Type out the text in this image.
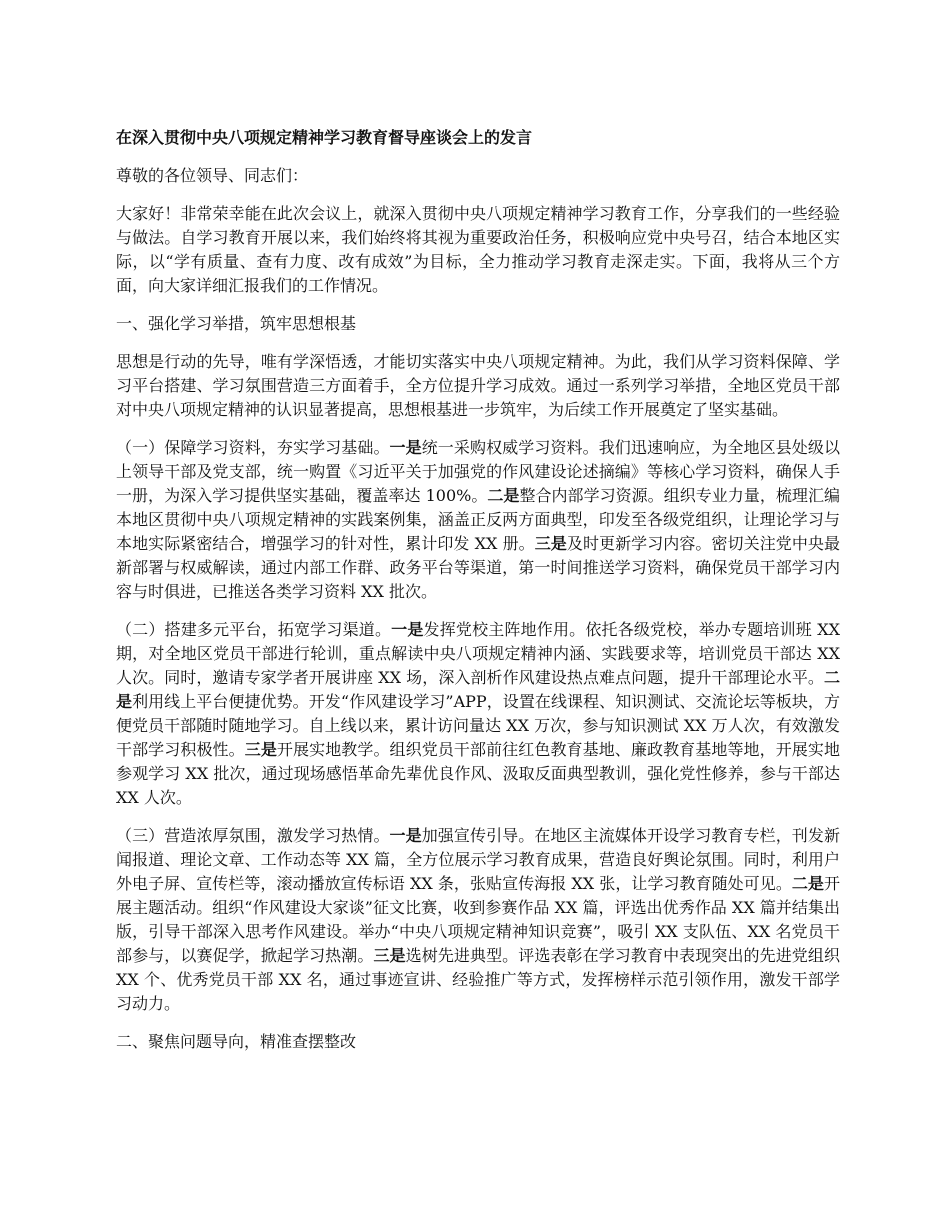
在深入贯彻中央八项规定精神学习教育督导座谈会上的发言

尊敬的各位领导、同志们：

大家好！非常荣幸能在此次会议上，就深入贯彻中央八项规定精神学习教育工作，分享我们的一些经验与做法。自学习教育开展以来，我们始终将其视为重要政治任务，积极响应党中央号召，结合本地区实际，以“学有质量、查有力度、改有成效”为目标，全力推动学习教育走深走实。下面，我将从三个方面，向大家详细汇报我们的工作情况。

一、强化学习举措，筑牢思想根基

思想是行动的先导，唯有学深悟透，才能切实落实中央八项规定精神。为此，我们从学习资料保障、学习平台搭建、学习氛围营造三方面着手，全方位提升学习成效。通过一系列学习举措，全地区党员干部对中央八项规定精神的认识显著提高，思想根基进一步筑牢，为后续工作开展奠定了坚实基础。

（一）保障学习资料，夯实学习基础。一是统一采购权威学习资料。我们迅速响应，为全地区县处级以上领导干部及党支部，统一购置《习近平关于加强党的作风建设论述摘编》等核心学习资料，确保人手一册，为深入学习提供坚实基础，覆盖率达 100%。二是整合内部学习资源。组织专业力量，梳理汇编本地区贯彻中央八项规定精神的实践案例集，涵盖正反两方面典型，印发至各级党组织，让理论学习与本地实际紧密结合，增强学习的针对性，累计印发 XX 册。三是及时更新学习内容。密切关注党中央最新部署与权威解读，通过内部工作群、政务平台等渠道，第一时间推送学习资料，确保党员干部学习内容与时俱进，已推送各类学习资料 XX 批次。

（二）搭建多元平台，拓宽学习渠道。一是发挥党校主阵地作用。依托各级党校，举办专题培训班 XX 期，对全地区党员干部进行轮训，重点解读中央八项规定精神内涵、实践要求等，培训党员干部达 XX 人次。同时，邀请专家学者开展讲座 XX 场，深入剖析作风建设热点难点问题，提升干部理论水平。二是利用线上平台便捷优势。开发“作风建设学习”APP，设置在线课程、知识测试、交流论坛等板块，方便党员干部随时随地学习。自上线以来，累计访问量达 XX 万次，参与知识测试 XX 万人次，有效激发干部学习积极性。三是开展实地教学。组织党员干部前往红色教育基地、廉政教育基地等地，开展实地参观学习 XX 批次，通过现场感悟革命先辈优良作风、汲取反面典型教训，强化党性修养，参与干部达 XX 人次。

（三）营造浓厚氛围，激发学习热情。一是加强宣传引导。在地区主流媒体开设学习教育专栏，刊发新闻报道、理论文章、工作动态等 XX 篇，全方位展示学习教育成果，营造良好舆论氛围。同时，利用户外电子屏、宣传栏等，滚动播放宣传标语 XX 条，张贴宣传海报 XX 张，让学习教育随处可见。二是开展主题活动。组织“作风建设大家谈”征文比赛，收到参赛作品 XX 篇，评选出优秀作品 XX 篇并结集出版，引导干部深入思考作风建设。举办“中央八项规定精神知识竞赛”，吸引 XX 支队伍、XX 名党员干部参与，以赛促学，掀起学习热潮。三是选树先进典型。评选表彰在学习教育中表现突出的先进党组织 XX 个、优秀党员干部 XX 名，通过事迹宣讲、经验推广等方式，发挥榜样示范引领作用，激发干部学习动力。

二、聚焦问题导向，精准查摆整改
